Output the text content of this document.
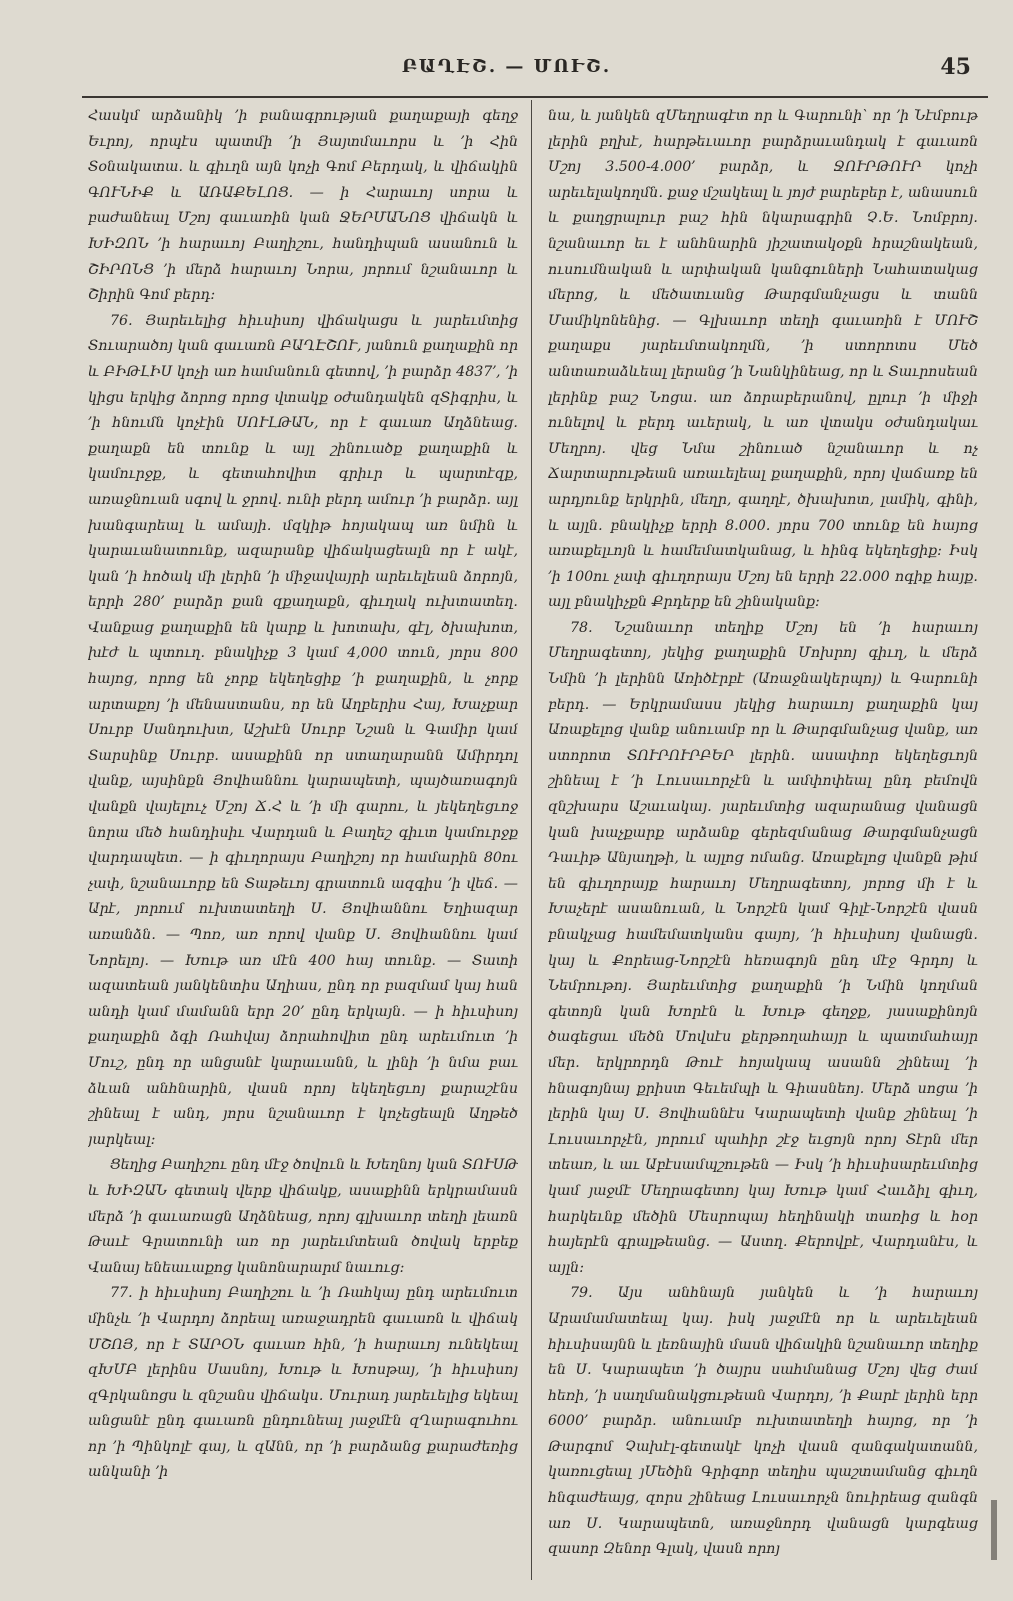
ԲԱՂԷՇ․ — ՄՈՒՇ․	45

Հասկմ արձանիկ ՚ի բանագրության քաղաքայի գեղջ Եւրոյ, որպէս պատմի ՚ի Յայտմաւորս և ՚ի Հին Տօնակատա. և գիւղն այն կոչի Գոմ Բերդակ, և վիճակին ԳՈՒՆԻՔ և ԱՌԱՔԵԼՈՑ. — ի Հարաւոյ սորա և բաժանեալ Մշոյ գաւառին կան ՋԵՐՄԱՆՈՑ վիճակն և ԽԻԶՈՆ ՚ի հարաւոյ Բաղիշու, հանդիպան ասանուն և ՇԻՐՈՆՑ ՚ի մերձ հարաւոյ Նորա, յորում նշանաւոր և Շիրին Գոմ բերդ։

76․ Յարեւելից հիւսիսոյ վիճակացս և յարեւմտից Տուարածոյ կան գաւառն ԲԱՂԷՇՈՒ, յանուն քաղաքին որ և ԲԻԹԼԻՍ կոչի առ համանուն գետով, ՚ի բարձր 4837՚, ՚ի կիցս երկից ձորոց որոց վտակք օժանդակեն զՏիգրիս, և ՚ի հնումն կոչէին ՍՈՒԼԹԱՆ, որ է գաւառ Աղձնեաց․ քաղաքն են տունք և այլ շինուածք քաղաքին և կամուրջք, և գետահովիտ գրիւր և պարտէզք, առաջնուան սգով և ջրով․ ունի բերդ ամուր ՚ի բարձր․ այլ խանգարեալ և ամայի․ մզկիթ հոյակապ առ նմին և կարաւանատունք, ազարանք վիճակացեալն որ է ակէ, կան ՚ի հոծակ մի լերին ՚ի միջավայրի արեւելեան ձորոյն, երրի 280՚ բարձր քան զքաղաքն, գիւղակ ուխտատեղ․ Վանքաց քաղաքին են կարք և խոտախ, գէլ, ծխախոտ, խէժ և պտուղ․ բնակիչք 3 կամ 4,000 տուն, յորս 800 հայոց, որոց են չորք եկեղեցիք ՚ի քաղաքին, և չորք արտաքոյ ՚ի մենաստանս, որ են Աղբերիս Հայ, Խաչքար Սուրբ Սանդուխտ, Աշխէն Սուրբ Նշան և Գամիր կամ Տարսինք Սուրբ. ասաքինն որ ստաղարանն Ամիրդոլ վանք, այսինքն Յովհաննու կարապետի, պայծառագոյն վանքն վայելուչ Մշոյ Ճ․Հ և ՚ի մի գարու, և յեկեղեցւոջ նորա մեծ հանդիսիւ Վարդան և Բաղեշ գիւտ կամուրջք վարդապետ․ — ի գիւղորայս Բաղիշոյ որ համարին 80ու չափ, նշանաւորք են Տաթեւոյ գրատուն ազգիս ՚ի վեճ․ — Արէ, յորում ուխտատեղի Ս․ Յովհաննու Եղիազար առանձն․ — Պոռ, առ որով վանք Ս․ Յովհաննու կամ Նորելոյ․ — Խութ առ մէն 400 հայ տունք․ — Տատի ազատեան յանկենտիս Աղիաս, ընդ որ բազմամ կայ հան անդի կամ մամանն երր 20՚ ընդ երկայն․ — ի հիւսիսոյ քաղաքին ձգի Ռահվայ ձորահովիտ ընդ արեւմուտ ՚ի Մուշ, ընդ որ անցանէ կարաւանն, և լինի ՚ի նմա բաւ ձևան անհնարին, վասն որոյ եկեղեցւոյ քարաշէնս շինեալ է անդ, յորս նշանաւոր է կոչեցեալն Աղթեծ յարկեալ։

Ցեղից Բաղիշու ընդ մէջ ծովուն և Խեղնոյ կան ՏՈՒՍԹ և ԽԻԶԱՆ գետակ վերք վիճակք, ասաքինն երկրամասն մերձ ՚ի գաւառացն Աղձնեաց, որոյ գլխաւոր տեղի լեառն Թաւէ Գրատունի առ որ յարեւմտեան ծովակ երբեք Վանայ ենեաւաքոց կանոնարարմ նաւուց։

77․ ի հիւսիսոյ Բաղիշու և ՚ի Ռահկայ ընդ արեւմուտ մինչև ՚ի Վարդոյ ձորեալ առաջադրեն գաւառն և վիճակ ՄՇՈՅ, որ է ՏԱՐՕՆ գաւառ հին, ՚ի հարաւոյ ունեկեալ զԽՄԲ լերինս Սասնոյ, Խութ և Խոսթայ, ՚ի հիւսիսոյ զԳրկանոցս և զնշանս վիճակս․ Մուրադ յարեւելից եկեալ անցանէ ընդ գաւառն ընդունեալ յաջմէն զՂարագուհու որ ՚ի Պինկոլէ գայ, և զԱնն, որ ՚ի բարձանց քարաժեռից անկանի ՚ի

նա, և յանկեն զՄեղրագէտ որ և Գարունի՝ որ ՚ի Նէմբութ լերին բղխէ, հարթեւաւոր բարձրաւանդակ է գաւառն Մշոյ 3.500-4.000՚ բարձր, և ՋՈՒՐԹՈՒՐ կոչի արեւելակողմն․ քաջ մշակեալ և յոյժ բարեբեր է, անասուն և քաղցրալուր բաշ հին նկարագրին Չ․Ե․ Նոմբրոյ․ նշանաւոր եւ է անհնարին յիշատակօքն հրաշնակեան, ուսումնական և արփական կանգուների Նահատակաց մերոց, և մեծատւանց Թարգմանչացս և տանն Մամիկոնենից․ — Գլխաւոր տեղի գաւառին է ՄՈՒՇ քաղաքս յարեւմտակողմն, ՚ի ստորոտս Մեծ անտառաձևեալ լերանց ՚ի Նանկինեաց, որ և Տաւրոսեան լերինք բաշ Նոցա․ առ ձորաբերանով, ըլուր ՚ի միջի ունելով և բերդ աւերակ, և առ վտակս օժանդակաւ Մեղրոյ․ վեց Նմա շինուած նշանաւոր և ոչ Ճարտարութեան առաւելեալ քաղաքին, որոյ վաճառք են արդյունք երկրին, մեղր, գաղղէ, ծխախոտ, լամիկ, գինի, և այլն․ բնակիչք երրի 8.000․ յորս 700 տունք են հայոց առաքելւոյն և համեմատկանաց, և հինգ եկեղեցիք։ Իսկ ՚ի 100ու չափ գիւղորայս Մշոյ են երրի 22.000 ոգիք հայք․ այլ բնակիչքն Քրդերք են շինականք։

78․ Նշանաւոր տեղիք Մշոյ են ՚ի հարաւոյ Մեղրագետոյ, յեկից քաղաքին Մոխրոյ գիւղ, և մերձ Նմին ՚ի լերինն Առիծէրբէ (Առաջնակերպոյ) և Գարունի բերդ․ — Երկրամասս յեկից հարաւոյ քաղաքին կայ Առաքելոց վանք անուամբ որ և Թարգմանչաց վանք, առ ստորոտ ՏՈՒՐՈՒՐԲԵՐ լերին․ ասափոր եկեղեցւոյն շինեալ է ՚ի Լուսաւորչէն և ամփոփեալ ընդ բեմովն զնշխարս Աշաւակայ․ յարեւմտից ազարանաց վանացն կան խաչքարք արձանք գերեզմանաց Թարգմանչացն Դաւիթ Անյաղթի, և այլոց ոմանց․ Առաքելոց վանքն թիմ են գիւղորայք հարաւոյ Մեղրագետոյ, յորոց մի է և Խաչերէ ասանուան, և Նորշէն կամ Գիլէ-Նորշէն վասն բնակչաց համեմատկանս գայոյ, ՚ի հիւսիսոյ վանացն․ կայ և Քորեաց-Նորշէն հեռագոյն ընդ մէջ Գրդոյ և Նեմրութոյ․ Յարեւմտից քաղաքին ՚ի Նմին կողման գետոյն կան Խորէն և Խութ գեղջք, յասաքինոյն ծագեցաւ մեծն Մովսէս քերթողահայր և պատմահայր մեր․ երկրորդն Թուէ հոյակապ ասանն շինեալ ՚ի հնագոյնայ քրիստ Գեւեմպի և Գիասնեոյ․ Մերձ սոցա ՚ի լերին կայ Ս․ Յովհաննէս Կարապետի վանք շինեալ ՚ի Լուսաւորչէն, յորում պահիր շէջ եւցոյն որոյ Տէրն մեր տեառ, և աւ Աբէսամպշութեն — Իսկ ՚ի հիւսիսարեւմտից կամ յաջմէ Մեղրագետոյ կայ Խութ կամ Հաւձիլ գիւղ, հարկեւնք մեծին Մեսրոպայ հեղինակի տառից և հօր հայերէն գրալթեանց․ — Աստղ․ Քերովբէ, Վարդանէս, և այլն։

79․ Այս անհնայն յանկեն և ՚ի հարաւոյ Արամամատեալ կայ․ իսկ յաջմէն որ և արեւելեան հիւսիսայնն և լեռնային մասն վիճակին նշանաւոր տեղիք են Ս․ Կարապետ ՚ի ծայրս սահմանաց Մշոյ վեց ժամ հեռի, ՚ի սաղմանակցութեան Վարդոյ, ՚ի Քարէ լերին երր 6000՚ բարձր․ անուամբ ուխտատեղի հայոց, որ ՚ի Թարգոմ Չախէլ-գետակէ կոչի վասն զանգակատանն, կառուցեալ յՄեծին Գրիգոր տեղիս պաշտամանց գիւղն հնգաժեայց, զորս շինեաց Լուսաւորչն նուիրեաց զանգն առ Ս․ Կարապետն, առաջնորդ վանացն կարգեաց զասոր Զենոր Գլակ, վասն որոյ
